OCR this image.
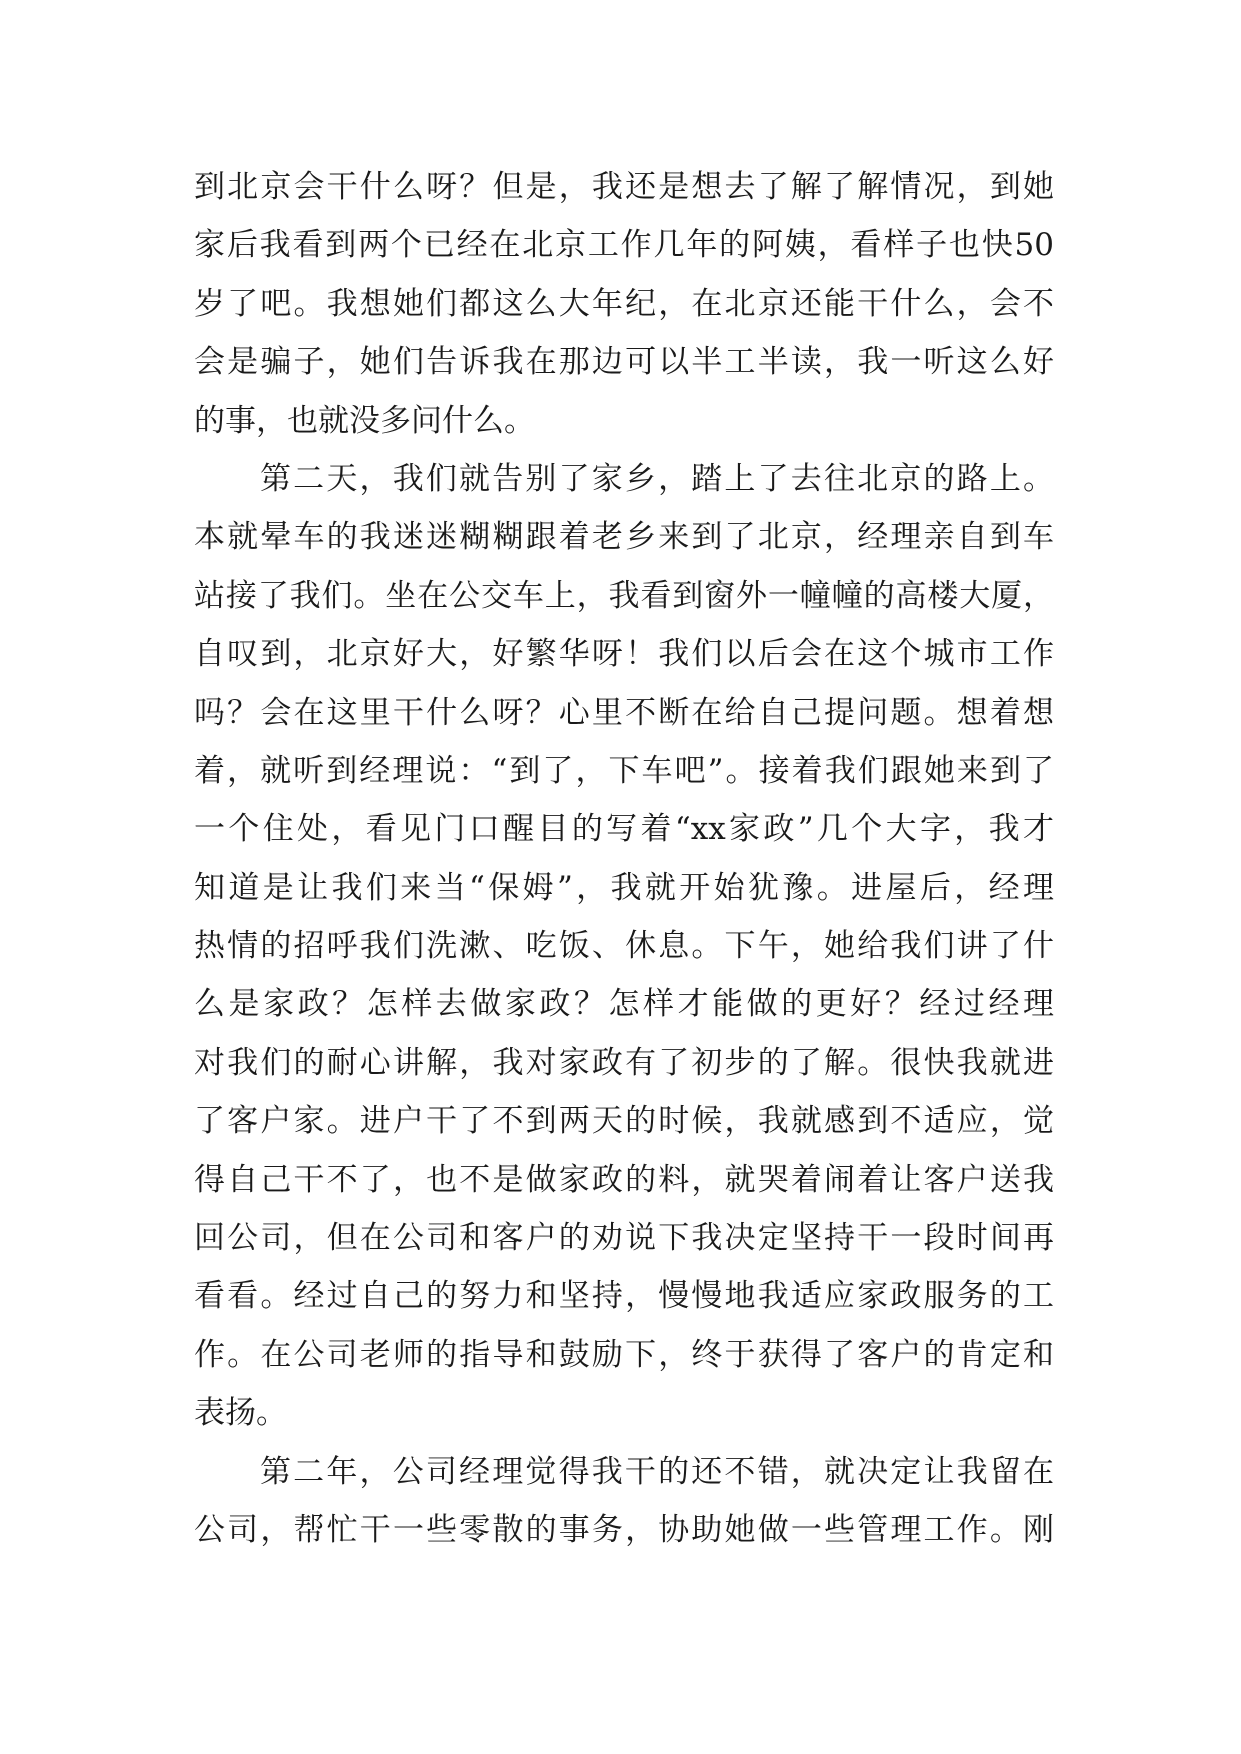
到北京会干什么呀？但是，我还是想去了解了解情况，到她
家后我看到两个已经在北京工作几年的阿姨，看样子也快50
岁了吧。我想她们都这么大年纪，在北京还能干什么，会不
会是骗子，她们告诉我在那边可以半工半读，我一听这么好
的事，也就没多问什么。
第二天，我们就告别了家乡，踏上了去往北京的路上。
本就晕车的我迷迷糊糊跟着老乡来到了北京，经理亲自到车
站接了我们。坐在公交车上，我看到窗外一幢幢的高楼大厦，
自叹到，北京好大，好繁华呀！我们以后会在这个城市工作
吗？会在这里干什么呀？心里不断在给自己提问题。想着想
着，就听到经理说：“到了，下车吧”。接着我们跟她来到了
一个住处，看见门口醒目的写着“xx家政”几个大字，我才
知道是让我们来当“保姆”，我就开始犹豫。进屋后，经理
热情的招呼我们洗漱、吃饭、休息。下午，她给我们讲了什
么是家政？怎样去做家政？怎样才能做的更好？经过经理
对我们的耐心讲解，我对家政有了初步的了解。很快我就进
了客户家。进户干了不到两天的时候，我就感到不适应，觉
得自己干不了，也不是做家政的料，就哭着闹着让客户送我
回公司，但在公司和客户的劝说下我决定坚持干一段时间再
看看。经过自己的努力和坚持，慢慢地我适应家政服务的工
作。在公司老师的指导和鼓励下，终于获得了客户的肯定和
表扬。
第二年，公司经理觉得我干的还不错，就决定让我留在
公司，帮忙干一些零散的事务，协助她做一些管理工作。刚
